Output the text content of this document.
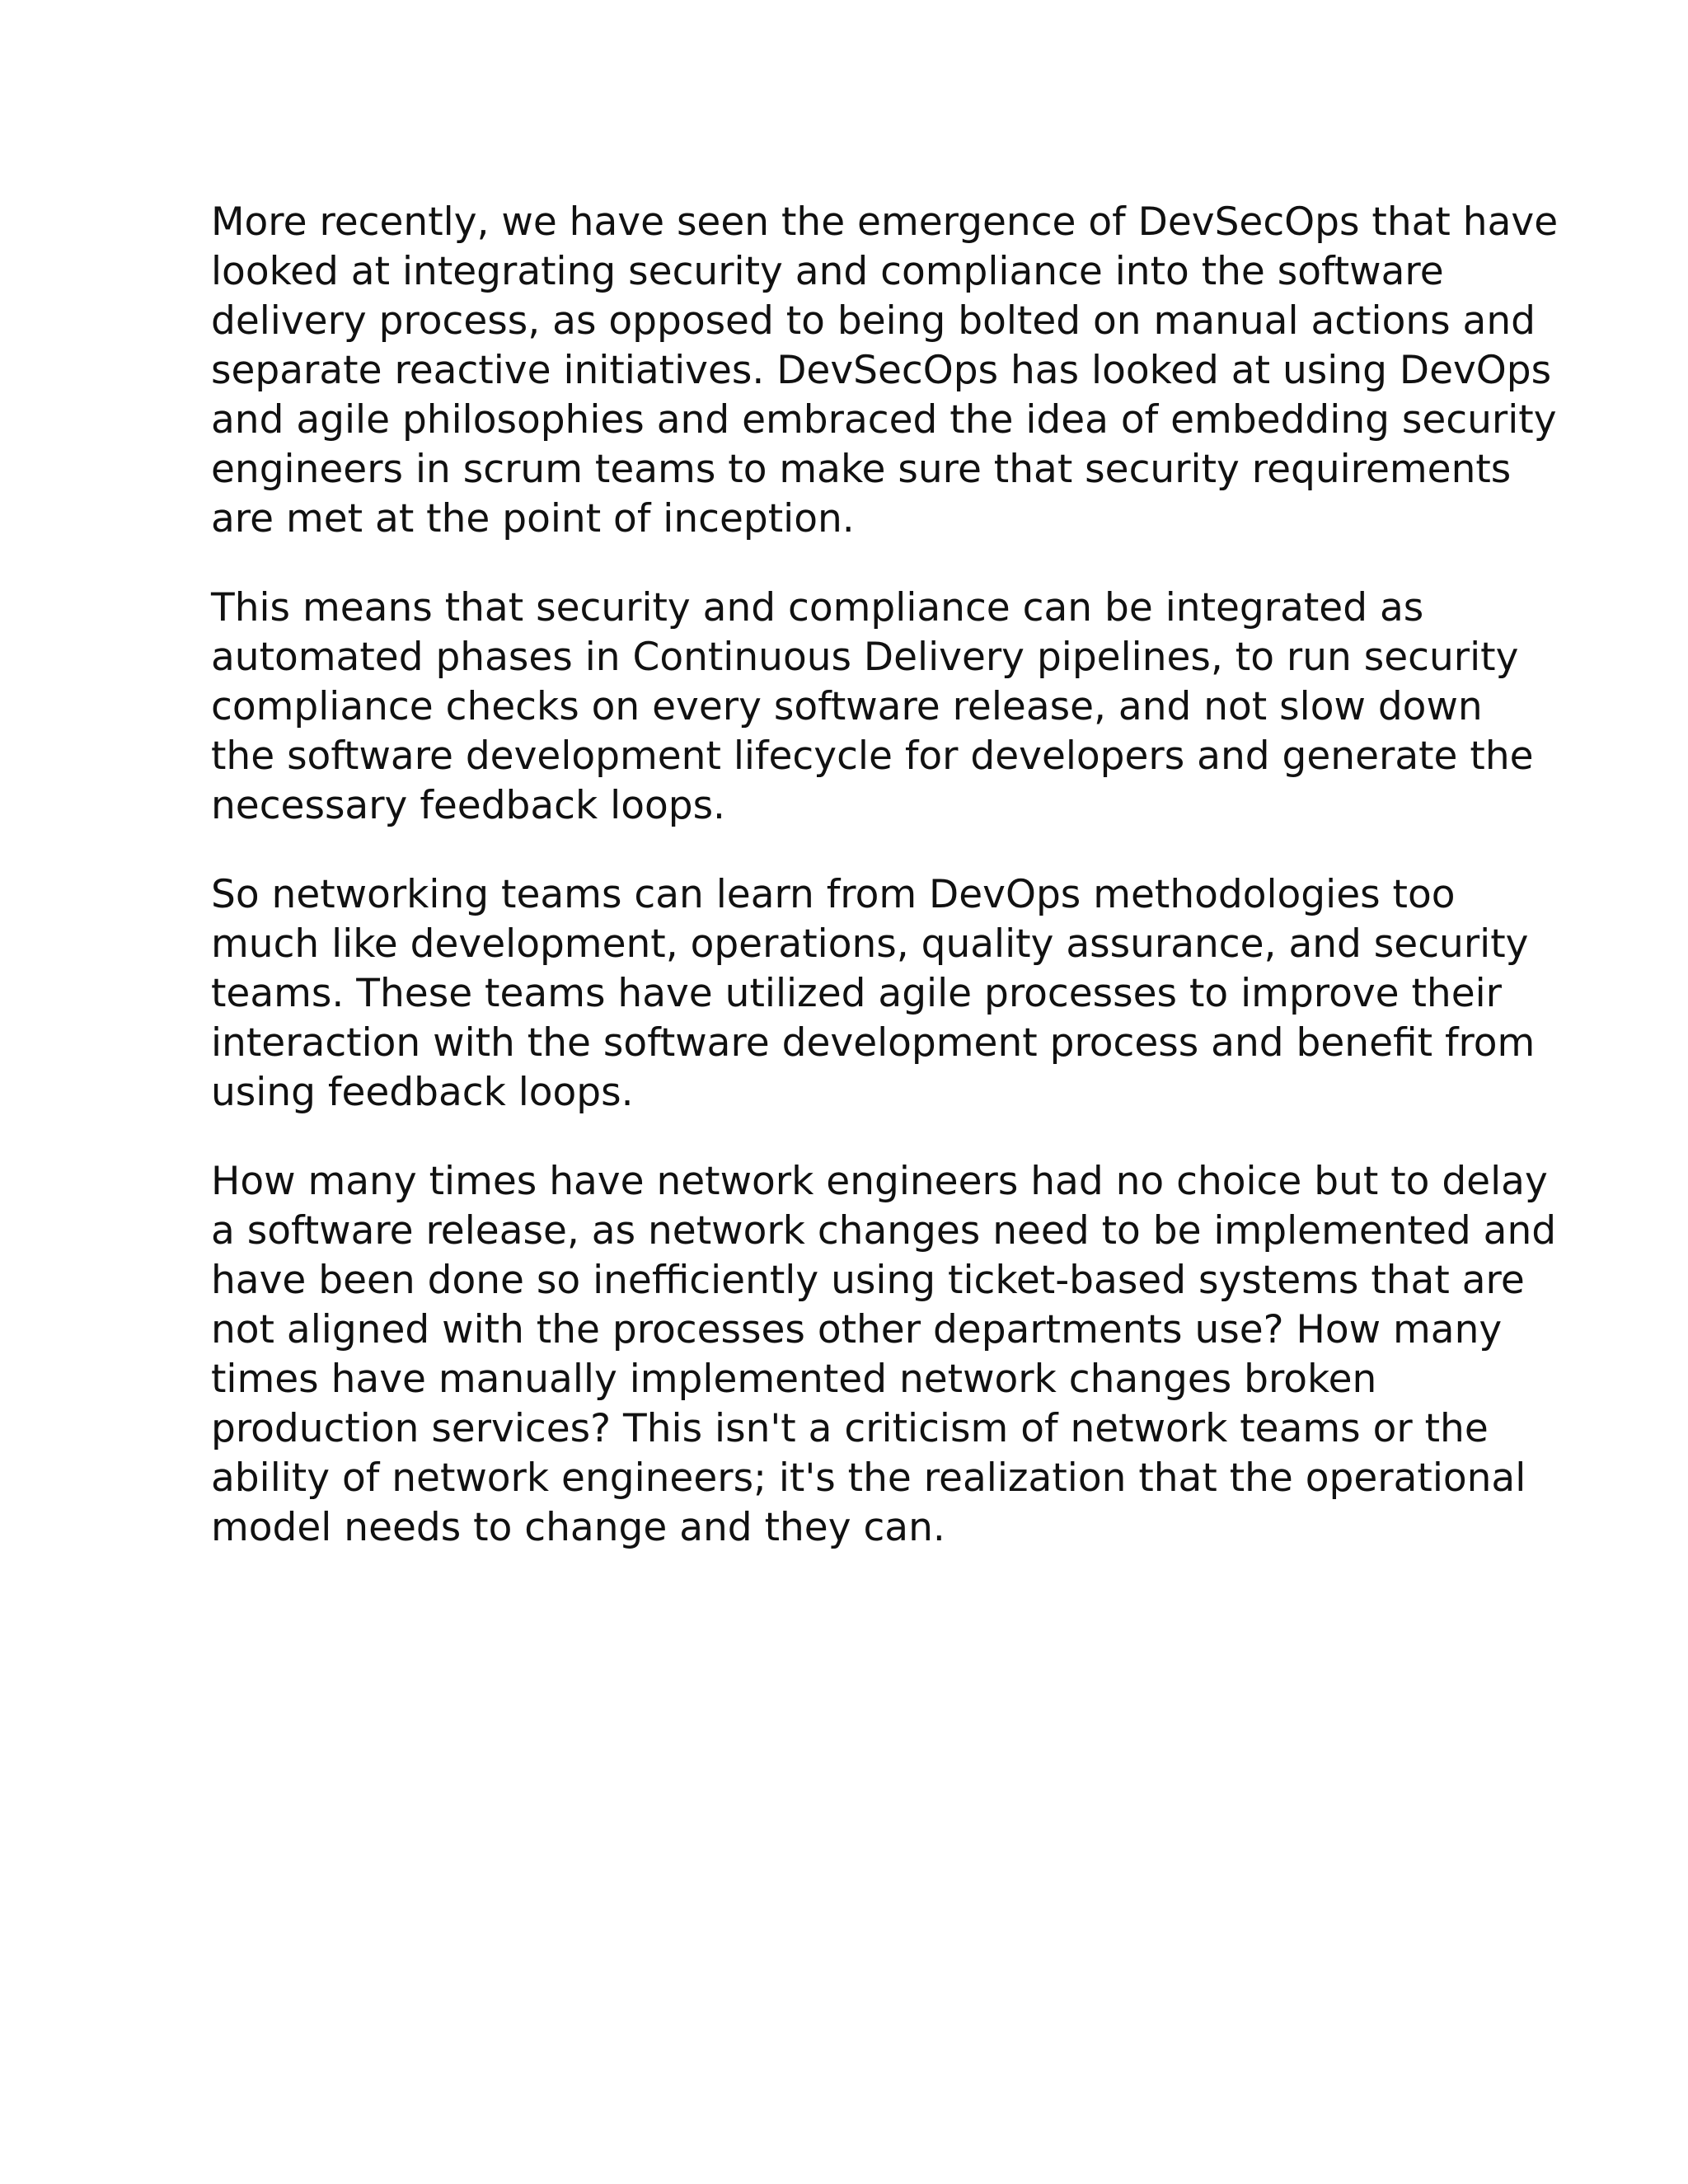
More recently, we have seen the emergence of DevSecOps that have
looked at integrating security and compliance into the software
delivery process, as opposed to being bolted on manual actions and
separate reactive initiatives. DevSecOps has looked at using DevOps
and agile philosophies and embraced the idea of embedding security
engineers in scrum teams to make sure that security requirements
are met at the point of inception.

This means that security and compliance can be integrated as
automated phases in Continuous Delivery pipelines, to run security
compliance checks on every software release, and not slow down
the software development lifecycle for developers and generate the
necessary feedback loops.

So networking teams can learn from DevOps methodologies too
much like development, operations, quality assurance, and security
teams. These teams have utilized agile processes to improve their
interaction with the software development process and benefit from
using feedback loops.

How many times have network engineers had no choice but to delay
a software release, as network changes need to be implemented and
have been done so inefficiently using ticket-based systems that are
not aligned with the processes other departments use? How many
times have manually implemented network changes broken
production services? This isn't a criticism of network teams or the
ability of network engineers; it's the realization that the operational
model needs to change and they can.
